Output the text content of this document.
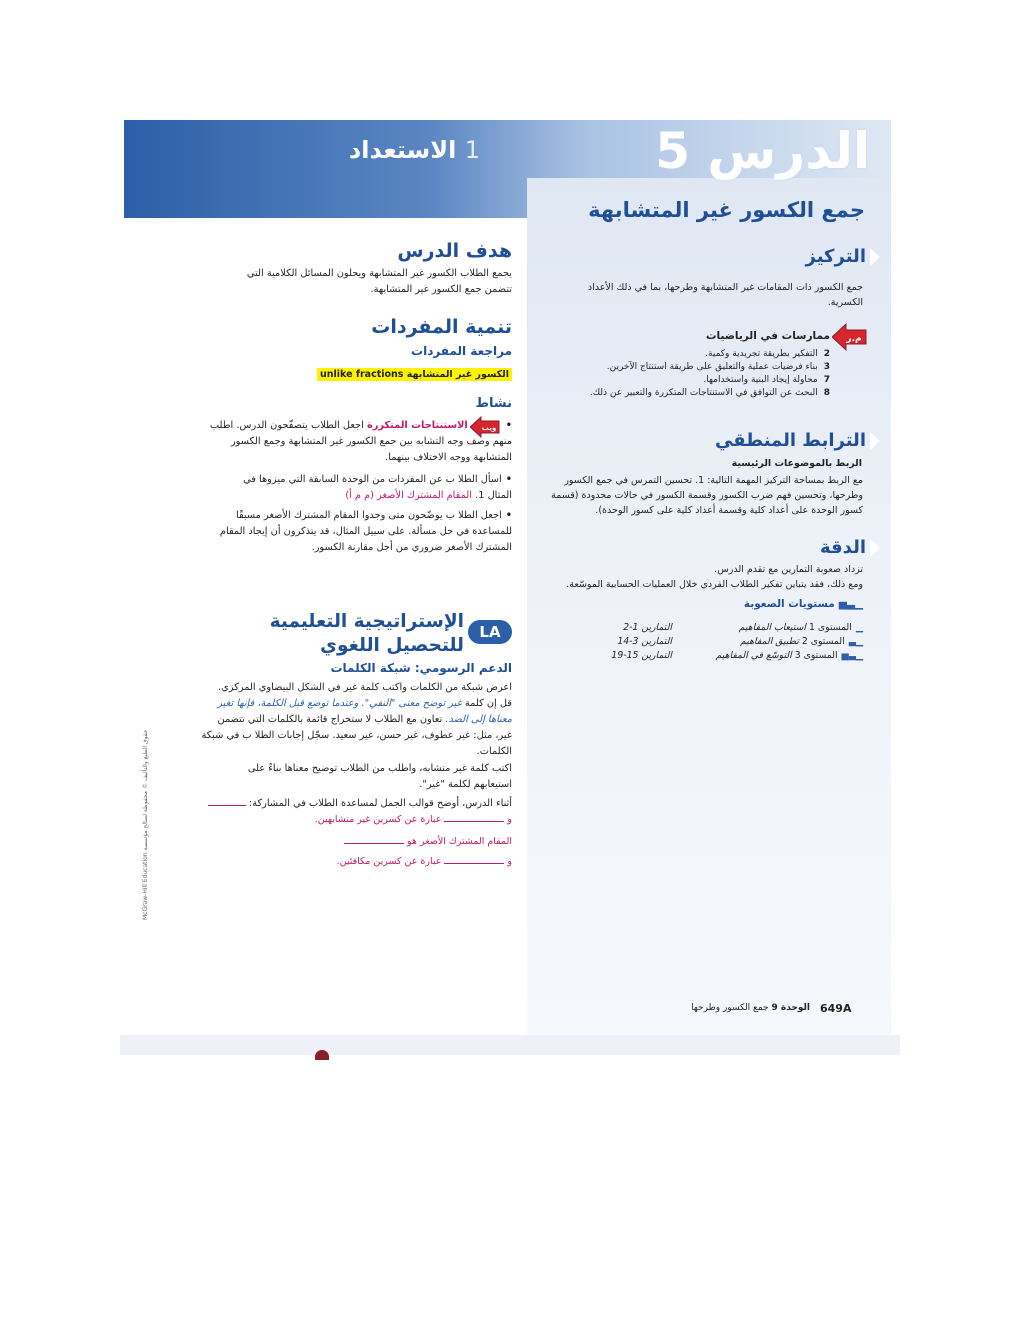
الدرس 5
1 الاستعداد
جمع الكسور غير المتشابهة
التركيز
جمع الكسور ذات المقامات غير المتشابهة وطرحها، بما في ذلك الأعداد الكسرية.
م.ر
ممارسات في الرياضيات
2التفكير بطريقة تجريدية وكمية.
3بناء فرضيات عملية والتعليق على طريقة استنتاج الآخرين.
7محاولة إيجاد البنية واستخدامها.
8البحث عن التوافق في الاستنتاجات المتكررة والتعبير عن ذلك.
الترابط المنطقي
الربط بالموضوعات الرئيسية
مع الربط بمساحة التركيز المهمة التالية: 1. تحسين التمرس في جمع الكسور وطرحها، وتحسين فهم ضرب الكسور وقسمة الكسور في حالات محدودة (قسمة كسور الوحدة على أعداد كلية وقسمة أعداد كلية على كسور الوحدة).
الدقة
تزداد صعوبة التمارين مع تقدم الدرس.
ومع ذلك، فقد يتباين تفكير الطلاب الفردي خلال العمليات الحسابية الموسّعة.
▁▃▅مستويات الصعوبة
▁المستوى 1 استيعاب المفاهيم
التمارين 1-2
▁▃المستوى 2 تطبيق المفاهيم
التمارين 3-14
▁▃▅المستوى 3 التوسّع في المفاهيم
التمارين 15-19
هدف الدرس
يجمع الطلاب الكسور غير المتشابهة ويحلون المسائل الكلامية التي تتضمن جمع الكسور غير المتشابهة.
تنمية المفردات
مراجعة المفردات
الكسور غير المتشابهة unlike fractions
نشاط
ويب •الاستنتاجات المتكررة اجعل الطلاب يتصفّحون الدرس. اطلب منهم وصف وجه التشابه بين جمع الكسور غير المتشابهة وجمع الكسور المتشابهة ووجه الاختلاف بينهما.
•اسأل الطلا ب عن المفردات من الوحدة السابقة التي ميزوها في المثال 1. المقام المشترك الأصغر (م م أ)
•اجعل الطلا ب يوضّحون متى وجدوا المقام المشترك الأصغر مسبقًا للمساعدة في حل مسألة. على سبيل المثال، قد يتذكرون أن إيجاد المقام المشترك الأصغر ضروري من أجل مقارنة الكسور.
LA
الإستراتيجية التعليمية للتحصيل اللغوي
الدعم الرسومي: شبكة الكلمات
اعرض شبكة من الكلمات واكتب كلمة غير في الشكل البيضاوي المركزي.
قل إن كلمة غير توضح معنى "النفي". وعندما توضع قبل الكلمة، فإنها تغير معناها إلى الضد. تعاون مع الطلاب لا ستخراج قائمة بالكلمات التي تتضمن غير، مثل: غير عطوف، غير حسن، غير سعيد. سجّل إجابات الطلا ب في شبكة الكلمات.
اكتب كلمة غير متشابه، واطلب من الطلاب توضيح معناها بناءً على استيعابهم لكلمة "غير".
أثناء الدرس، أوضح قوالب الجمل لمساعدة الطلاب في المشاركة:
وعبارة عن كسرين غير متشابهين.
المقام المشترك الأصغر هو
وعبارة عن كسرين مكافئين.
حقوق الطبع والتأليف © محفوظة لصالح مؤسسة McGraw-Hill Education
649A
الوحدة 9 جمع الكسور وطرحها
